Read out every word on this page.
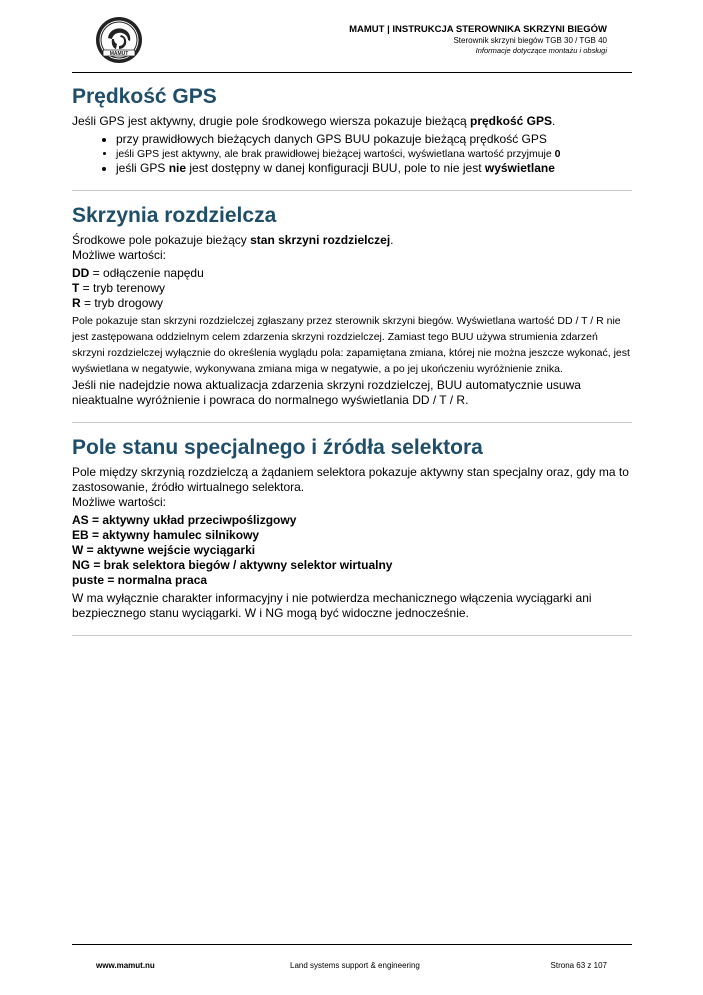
MAMUT
MAMUT | INSTRUKCJA STEROWNIKA SKRZYNI BIEGÓW
Sterownik skrzyni biegów TGB 30 / TGB 40
Informacje dotyczące montażu i obsługi
Prędkość GPS

Jeśli GPS jest aktywny, drugie pole środkowego wiersza pokazuje bieżącą prędkość GPS.

• przy prawidłowych bieżących danych GPS BUU pokazuje bieżącą prędkość GPS
• jeśli GPS jest aktywny, ale brak prawidłowej bieżącej wartości, wyświetlana wartość przyjmuje 0
• jeśli GPS nie jest dostępny w danej konfiguracji BUU, pole to nie jest wyświetlane
Skrzynia rozdzielcza

Środkowe pole pokazuje bieżący stan skrzyni rozdzielczej.

Możliwe wartości:

DD = odłączenie napędu

T = tryb terenowy

R = tryb drogowy

Pole pokazuje stan skrzyni rozdzielczej zgłaszany przez sterownik skrzyni biegów. Wyświetlana wartość DD / T / R nie jest zastępowana oddzielnym celem zdarzenia skrzyni rozdzielczej. Zamiast tego BUU używa strumienia zdarzeń skrzyni rozdzielczej wyłącznie do określenia wyglądu pola: zapamiętana zmiana, której nie można jeszcze wykonać, jest wyświetlana w negatywie, wykonywana zmiana miga w negatywie, a po jej ukończeniu wyróżnienie znika.

Jeśli nie nadejdzie nowa aktualizacja zdarzenia skrzyni rozdzielczej, BUU automatycznie usuwa nieaktualne wyróżnienie i powraca do normalnego wyświetlania DD / T / R.

Pole stanu specjalnego i źródła selektora

Pole między skrzynią rozdzielczą a żądaniem selektora pokazuje aktywny stan specjalny oraz, gdy ma to zastosowanie, źródło wirtualnego selektora.

Możliwe wartości:

AS = aktywny układ przeciwpoślizgowy

EB = aktywny hamulec silnikowy

W = aktywne wejście wyciągarki

NG = brak selektora biegów / aktywny selektor wirtualny

puste = normalna praca

W ma wyłącznie charakter informacyjny i nie potwierdza mechanicznego włączenia wyciągarki ani bezpiecznego stanu wyciągarki. W i NG mogą być widoczne jednocześnie.

www.mamut.nu	Land systems support & engineering	Strona 63 z 107
